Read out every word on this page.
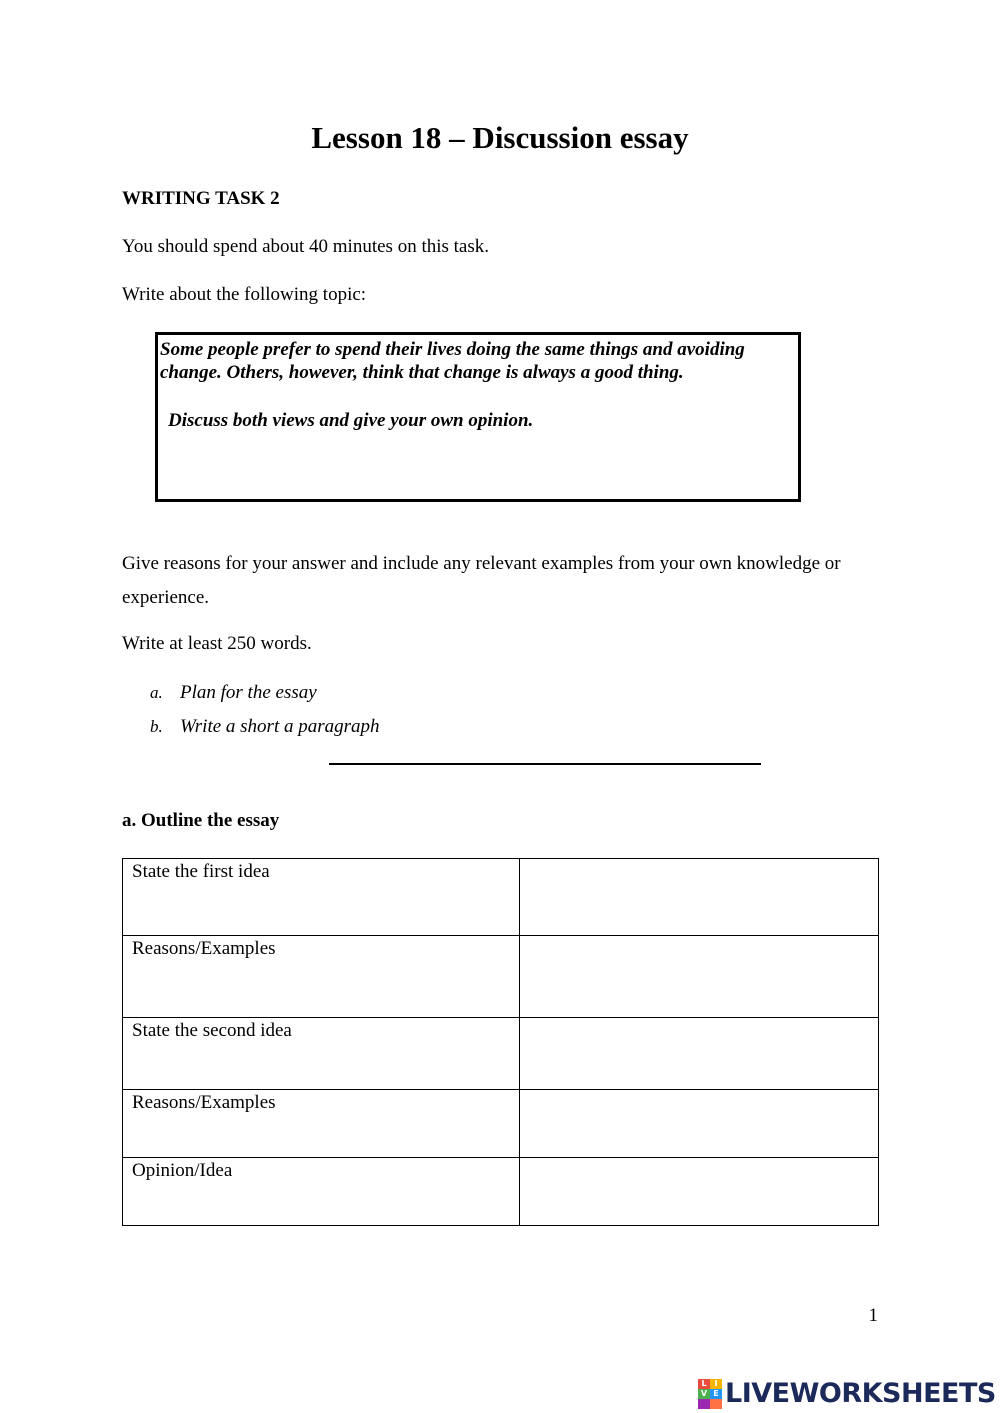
Lesson 18 – Discussion essay
WRITING TASK 2
You should spend about 40 minutes on this task.
Write about the following topic:
Some people prefer to spend their lives doing the same things and avoiding
change. Others, however, think that change is always a good thing.
Discuss both views and give your own opinion.
Give reasons for your answer and include any relevant examples from your own knowledge or experience.
Write at least 250 words.
a. Plan for the essay
b. Write a short a paragraph
a. Outline the essay
State the first idea	
Reasons/Examples	
State the second idea	
Reasons/Examples	
Opinion/Idea	
1
L I
V E LIVEWORKSHEETS
